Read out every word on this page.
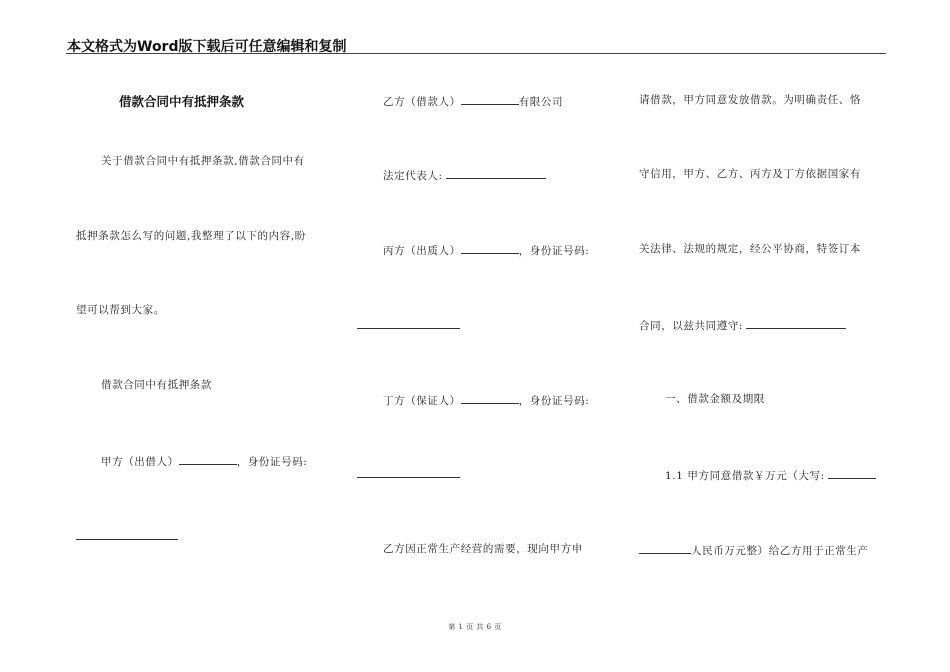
本文格式为Word版下载后可任意编辑和复制
借款合同中有抵押条款
关于借款合同中有抵押条款,借款合同中有
抵押条款怎么写的问题,我整理了以下的内容,盼
望可以帮到大家。
借款合同中有抵押条款
甲方（出借人）	，身份证号码:
乙方（借款人）	有限公司
法定代表人:
丙方（出质人）	，身份证号码:
丁方（保证人）	，身份证号码:
乙方因正常生产经营的需要，现向甲方申
请借款，甲方同意发放借款。为明确责任、恪
守信用，甲方、乙方、丙方及丁方依据国家有
关法律、法规的规定，经公平协商，特签订本
合同，以兹共同遵守:
一、借款金额及期限
1.1 甲方同意借款￥万元（大写:
人民币万元整）给乙方用于正常生产
第 1 页 共 6 页
